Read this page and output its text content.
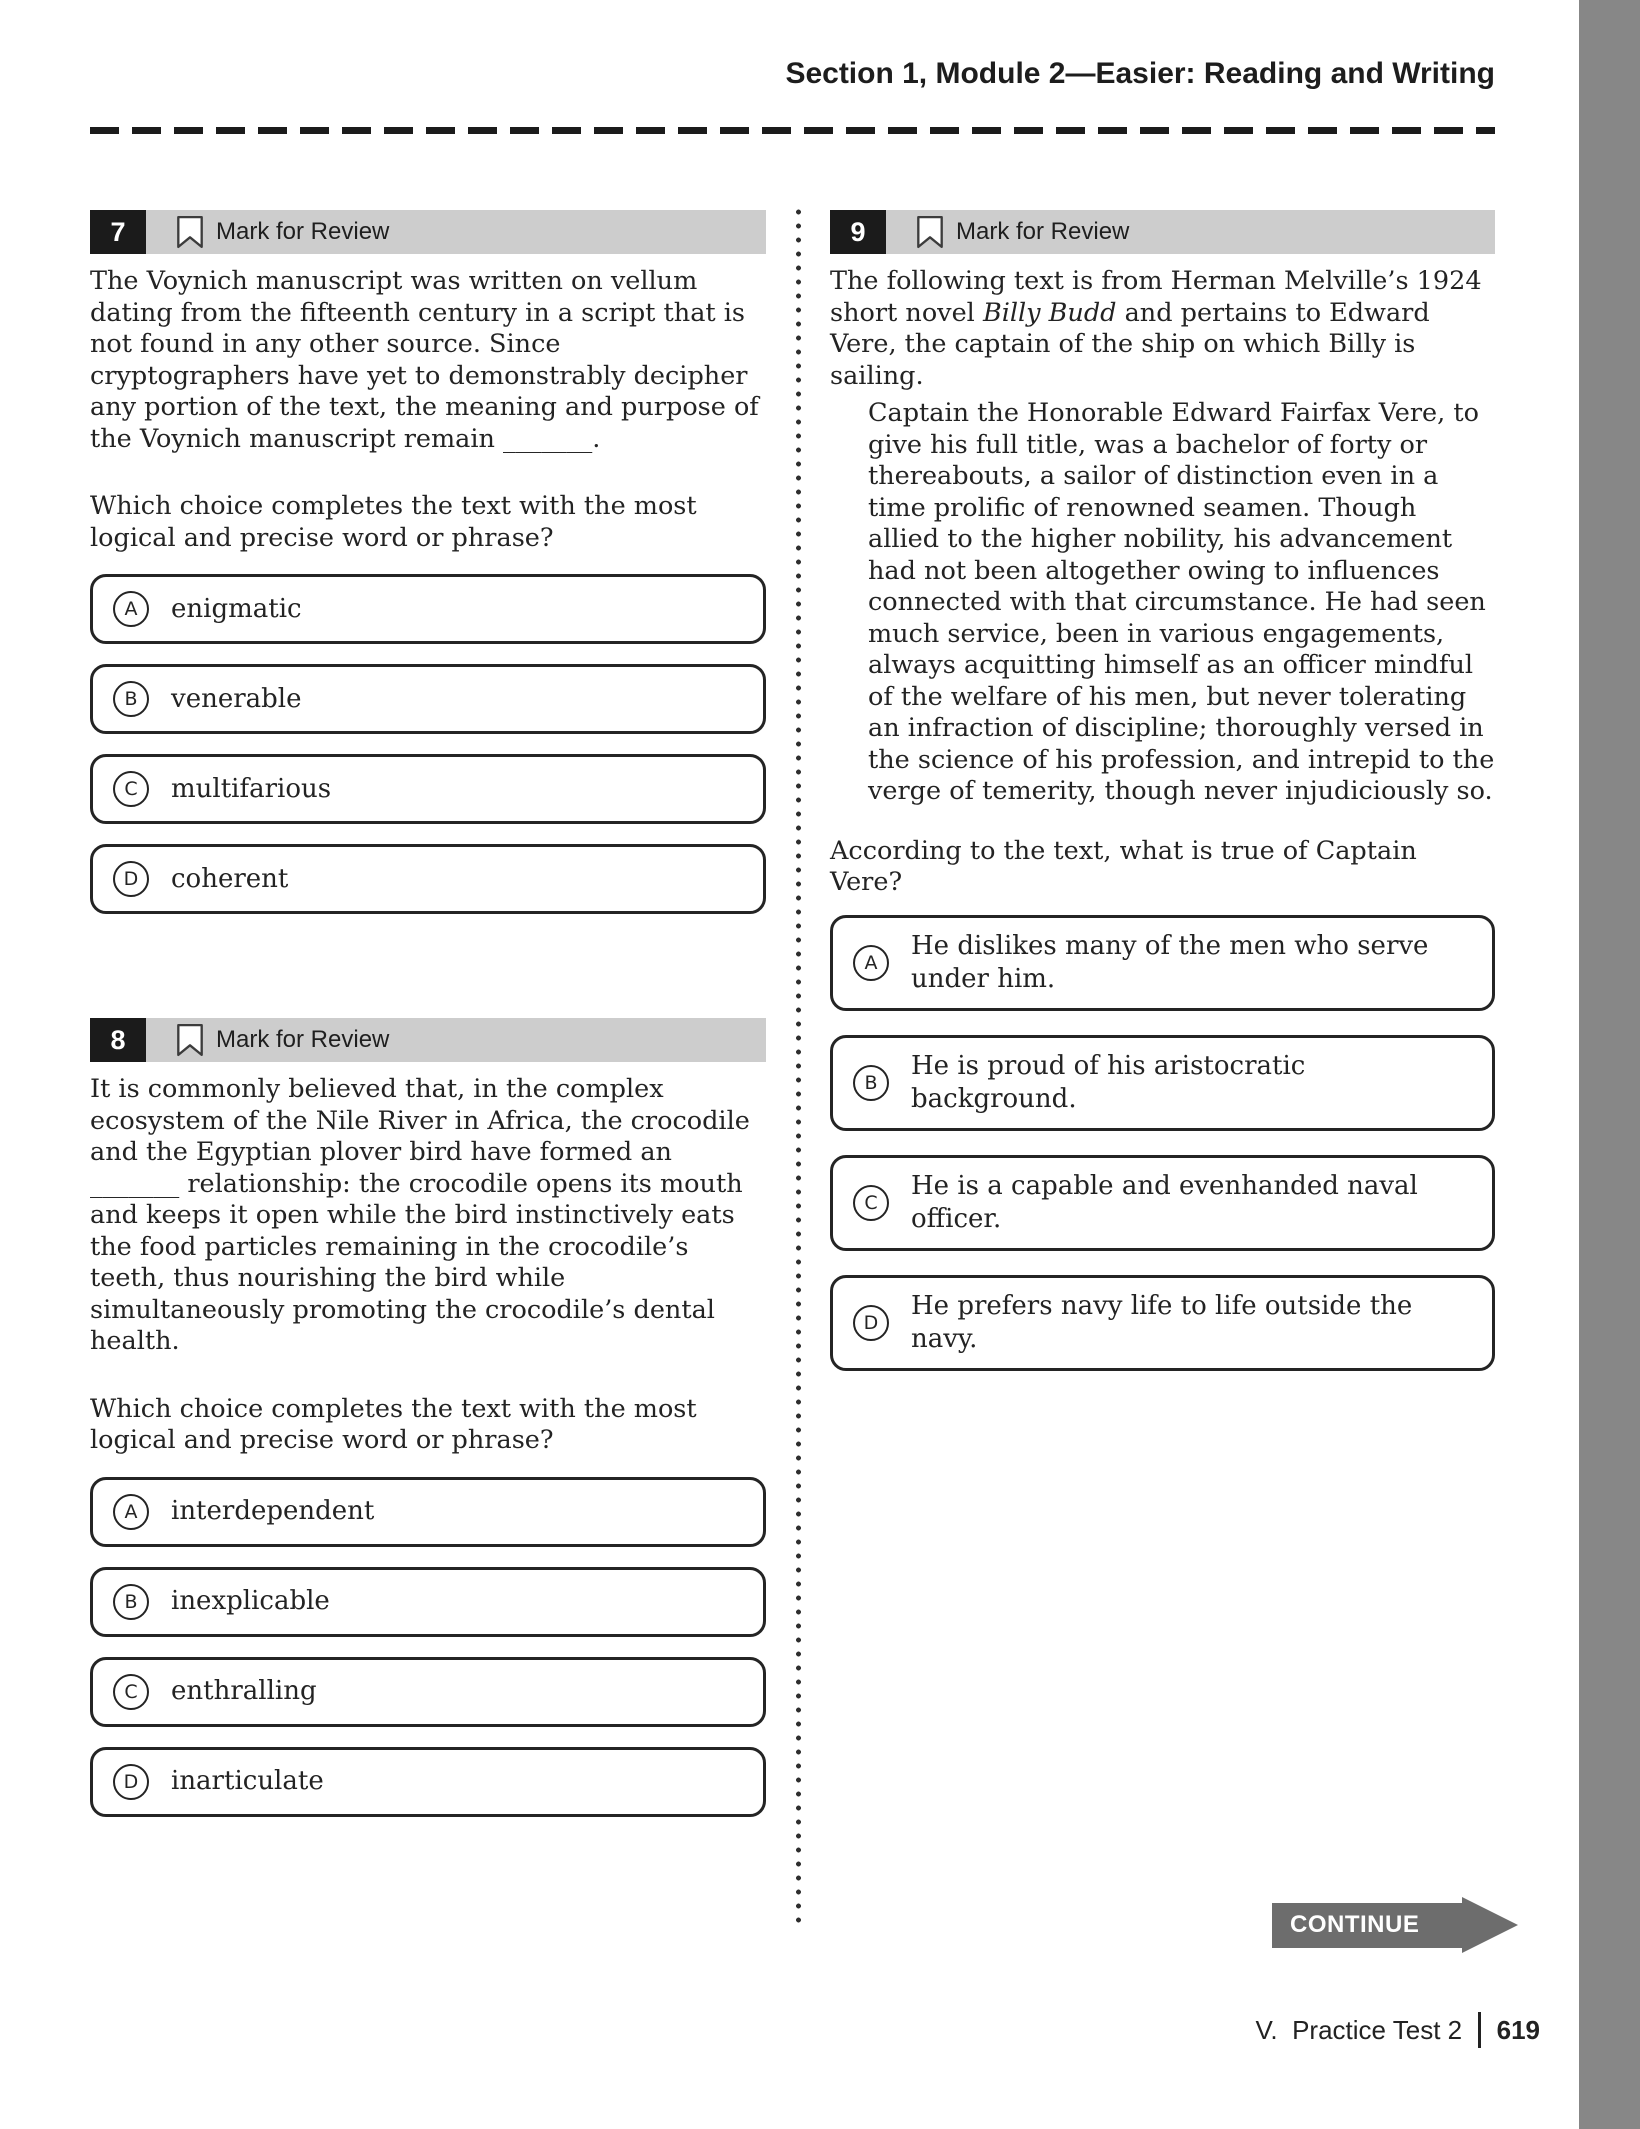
Section 1, Module 2—Easier: Reading and Writing
7	Mark for Review

The Voynich manuscript was written on vellum dating from the fifteenth century in a script that is not found in any other source. Since cryptographers have yet to demonstrably decipher any portion of the text, the meaning and purpose of the Voynich manuscript remain _______.

Which choice completes the text with the most logical and precise word or phrase?

A	enigmatic
B	venerable
C	multifarious
D	coherent
8	Mark for Review

It is commonly believed that, in the complex ecosystem of the Nile River in Africa, the crocodile and the Egyptian plover bird have formed an _______ relationship: the crocodile opens its mouth and keeps it open while the bird instinctively eats the food particles remaining in the crocodile’s teeth, thus nourishing the bird while simultaneously promoting the crocodile’s dental health.

Which choice completes the text with the most logical and precise word or phrase?

A	interdependent
B	inexplicable
C	enthralling
D	inarticulate
9	Mark for Review

The following text is from Herman Melville’s 1924 short novel Billy Budd and pertains to Edward Vere, the captain of the ship on which Billy is sailing.

Captain the Honorable Edward Fairfax Vere, to give his full title, was a bachelor of forty or thereabouts, a sailor of distinction even in a time prolific of renowned seamen. Though allied to the higher nobility, his advancement had not been altogether owing to influences connected with that circumstance. He had seen much service, been in various engagements, always acquitting himself as an officer mindful of the welfare of his men, but never tolerating an infraction of discipline; thoroughly versed in the science of his profession, and intrepid to the verge of temerity, though never injudiciously so.

According to the text, what is true of Captain Vere?

A
He dislikes many of the men who serve under him.
B
He is proud of his aristocratic background.
C
He is a capable and evenhanded naval officer.
D
He prefers navy life to life outside the navy.
CONTINUE
V.  Practice Test 2 619
